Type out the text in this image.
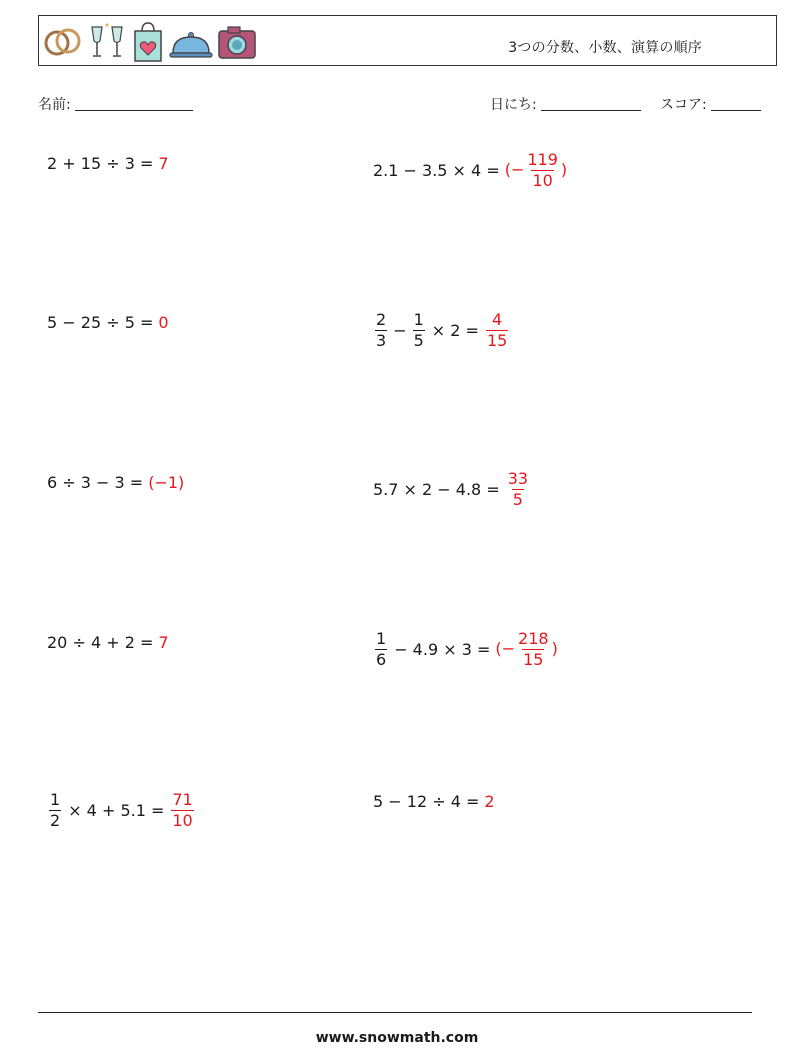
3つの分数、小数、演算の順序
名前:	日にち:	スコア:
2 + 15 ÷ 3 = 7	2.1 − 3.5 × 4 = (− $\frac{119}{10}$ )
5 − 25 ÷ 5 = 0	$\frac{2}{3} - \frac{1}{5} \times 2 = \frac{4}{15}$
6 ÷ 3 − 3 = (−1)	$5.7 \times 2 - 4.8 = \frac{33}{5}$
20 ÷ 4 + 2 = 7	$\frac{1}{6} - 4.9 \times 3$ = (− $\frac{218}{15}$ )
$\frac{1}{2} \times 4 + 5.1 = \frac{71}{10}$	5 − 12 ÷ 4 = 2
www.snowmath.com
